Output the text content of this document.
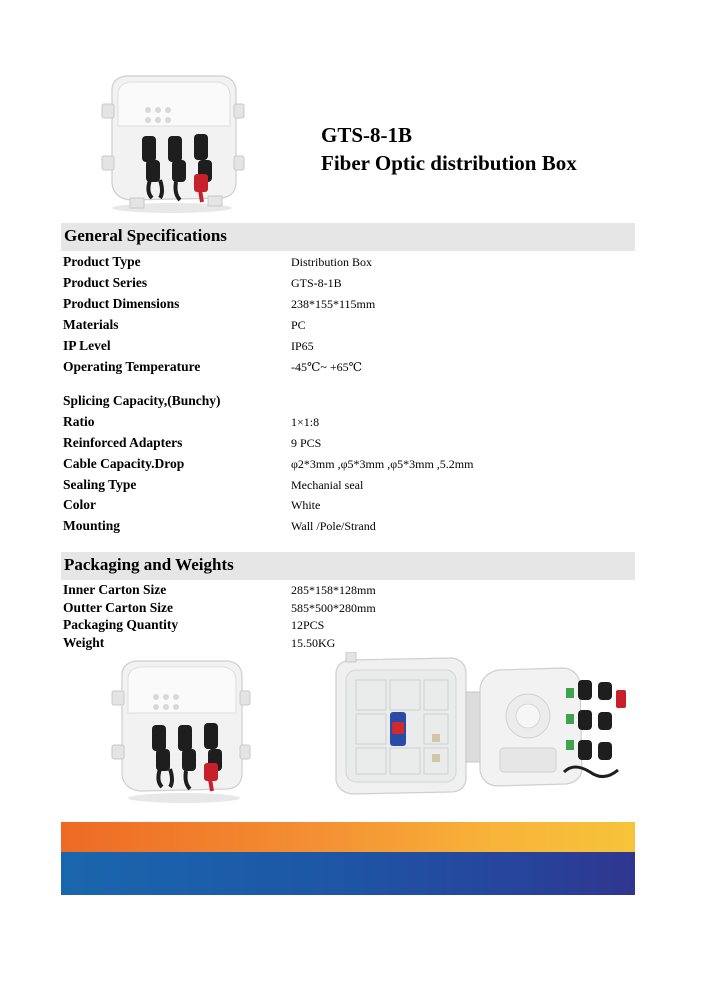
GTS-8-1B
Fiber Optic distribution Box
General Specifications
Product Type	Distribution Box
Product Series	GTS-8-1B
Product Dimensions	238*155*115mm
Materials	PC
IP Level	IP65
Operating Temperature	-45℃~ +65℃
Splicing Capacity,(Bunchy)
Ratio	1×1:8
Reinforced Adapters	9 PCS
Cable Capacity.Drop	φ2*3mm ,φ5*3mm ,φ5*3mm ,5.2mm
Sealing Type	Mechanial seal
Color	White
Mounting	Wall /Pole/Strand
Packaging and Weights
Inner Carton Size	285*158*128mm
Outter Carton Size	585*500*280mm
Packaging Quantity	12PCS
Weight	15.50KG
